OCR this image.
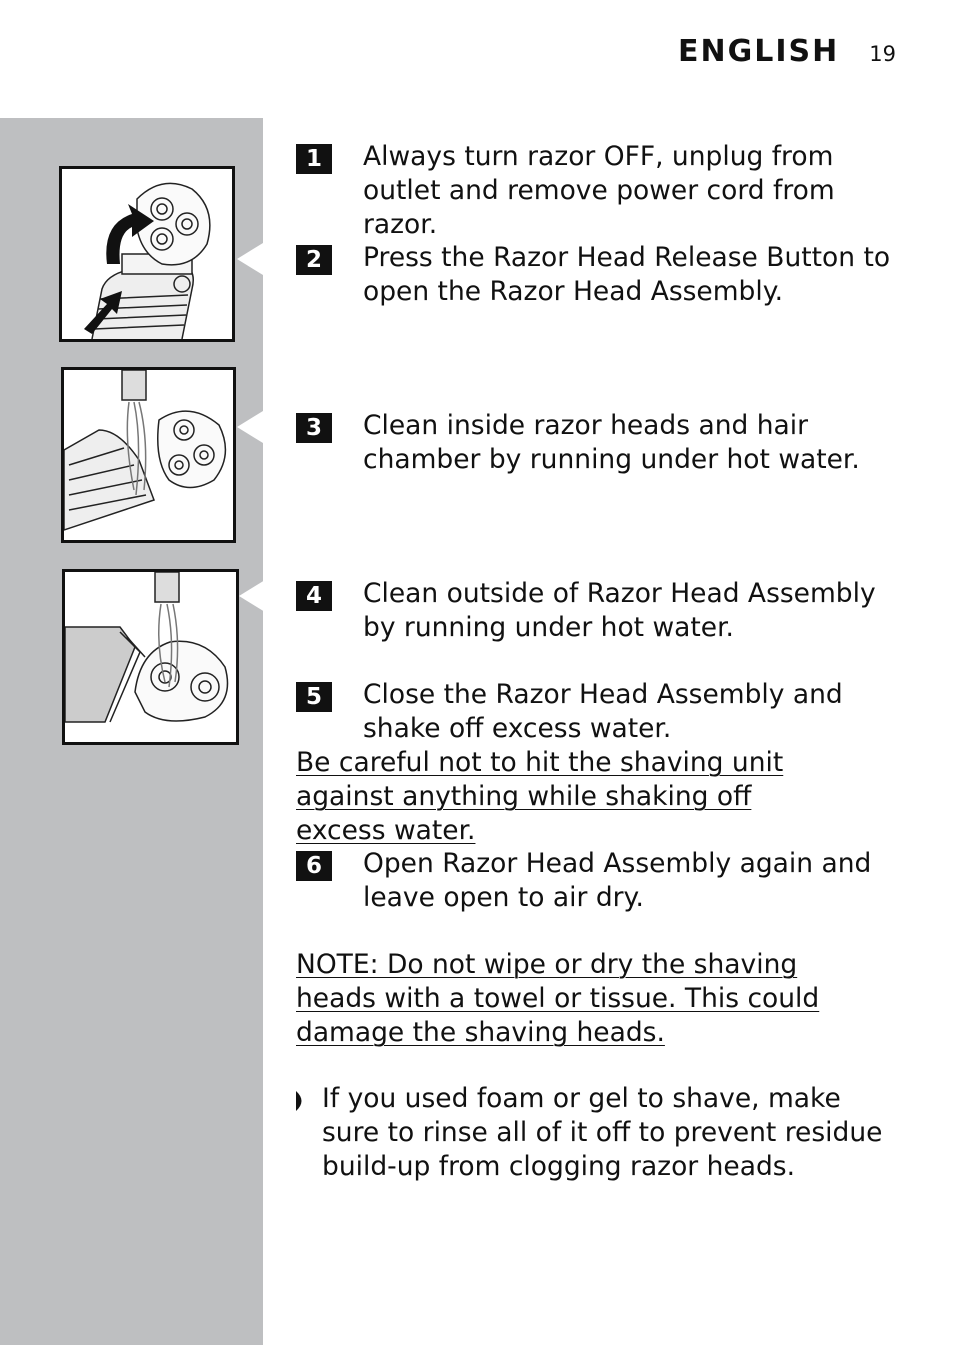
ENGLISH 19
1	Always turn razor OFF, unplug from outlet and remove power cord from razor.
2	Press the Razor Head Release Button to open the Razor Head Assembly.
3	Clean inside razor heads and hair chamber by running under hot water.
4	Clean outside of Razor Head Assembly by running under hot water.
5	Close the Razor Head Assembly and shake off excess water.
Be careful not to hit the shaving unit against anything while shaking off excess water.
6	Open Razor Head Assembly again and leave open to air dry.
NOTE: Do not wipe or dry the shaving heads with a towel or tissue. This could damage the shaving heads.
If you used foam or gel to shave, make sure to rinse all of it off to prevent residue build-up from clogging razor heads.
